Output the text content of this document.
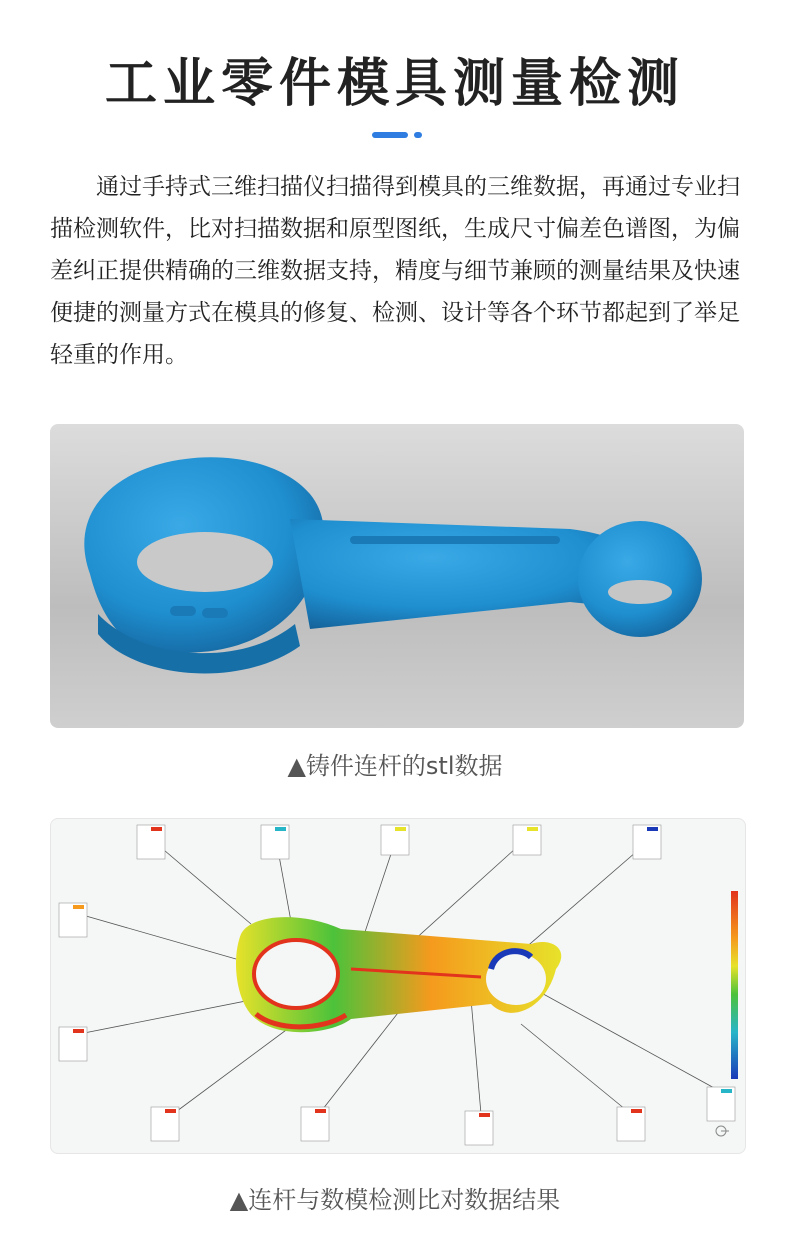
工业零件模具测量检测

通过手持式三维扫描仪扫描得到模具的三维数据，再通过专业扫描检测软件，比对扫描数据和原型图纸，生成尺寸偏差色谱图，为偏差纠正提供精确的三维数据支持，精度与细节兼顾的测量结果及快速便捷的测量方式在模具的修复、检测、设计等各个环节都起到了举足轻重的作用。

▲铸件连杆的stl数据
▲连杆与数模检测比对数据结果
